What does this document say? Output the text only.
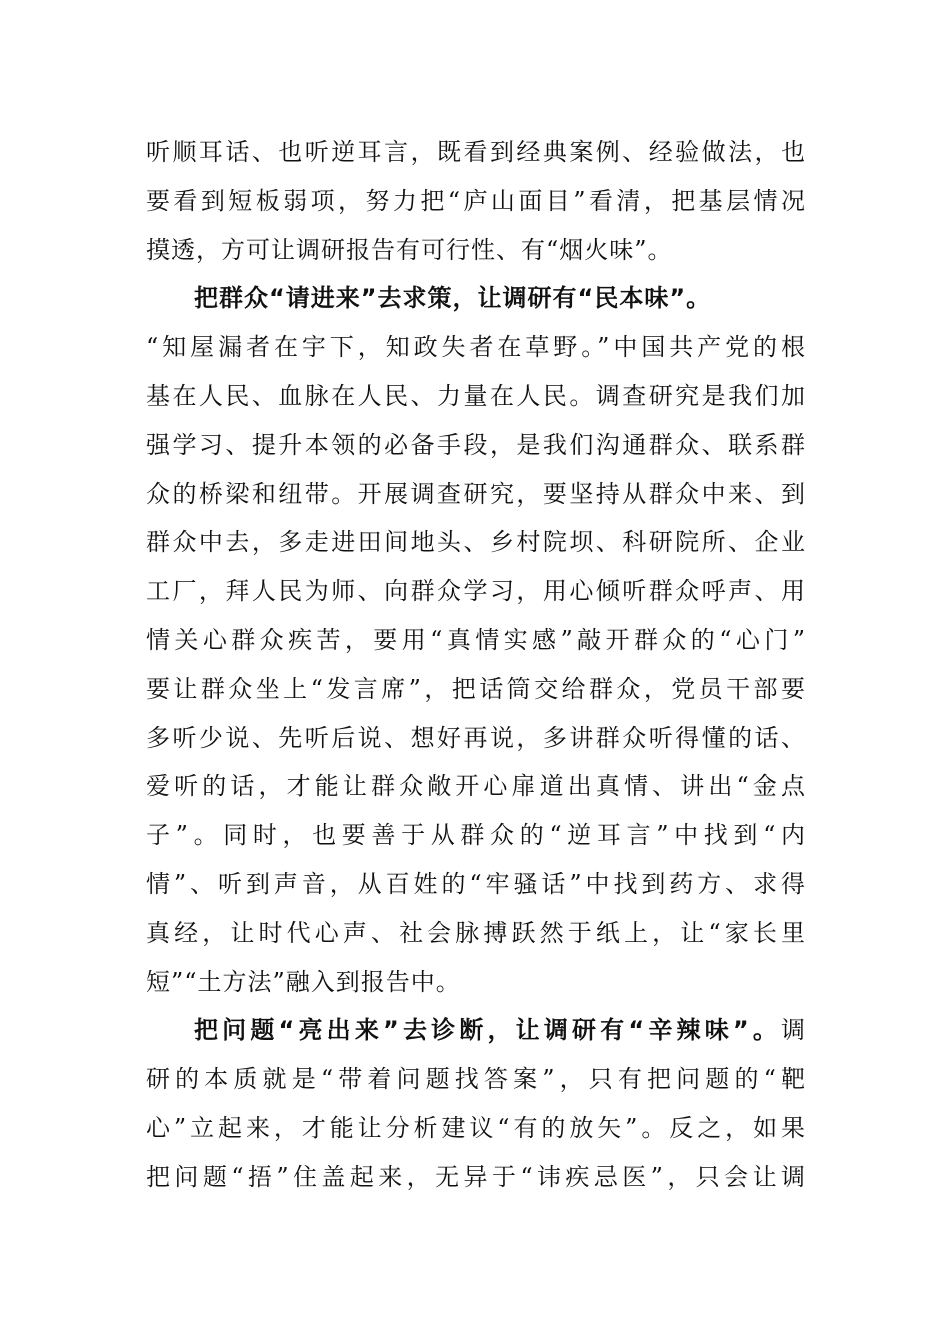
听顺耳话、也听逆耳言，既看到经典案例、经验做法，也
要看到短板弱项，努力把“庐山面目”看清，把基层情况
摸透，方可让调研报告有可行性、有“烟火味”。
把群众“请进来”去求策，让调研有“民本味”。
“知屋漏者在宇下，知政失者在草野。”中国共产党的根
基在人民、血脉在人民、力量在人民。调查研究是我们加
强学习、提升本领的必备手段，是我们沟通群众、联系群
众的桥梁和纽带。开展调查研究，要坚持从群众中来、到
群众中去，多走进田间地头、乡村院坝、科研院所、企业
工厂，拜人民为师、向群众学习，用心倾听群众呼声、用
情关心群众疾苦，要用“真情实感”敲开群众的“心门”
要让群众坐上“发言席”，把话筒交给群众，党员干部要
多听少说、先听后说、想好再说，多讲群众听得懂的话、
爱听的话，才能让群众敞开心扉道出真情、讲出“金点
子”。同时，也要善于从群众的“逆耳言”中找到“内
情”、听到声音，从百姓的“牢骚话”中找到药方、求得
真经，让时代心声、社会脉搏跃然于纸上，让“家长里
短”“土方法”融入到报告中。
把问题“亮出来”去诊断，让调研有“辛辣味”。调
研的本质就是“带着问题找答案”，只有把问题的“靶
心”立起来，才能让分析建议“有的放矢”。反之，如果
把问题“捂”住盖起来，无异于“讳疾忌医”，只会让调
